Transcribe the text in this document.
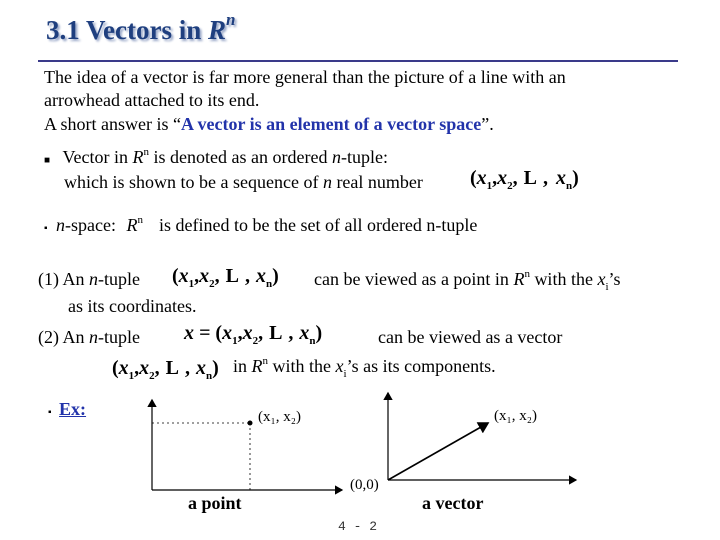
3.1 Vectors in $R^n$
The idea of a vector is far more general than the picture of a line with an
arrowhead attached to its end.
A short answer is “A vector is an element of a vector space”.
■ Vector in $R^n$ is denoted as an ordered n-tuple:
which is shown to be a sequence of n real number ($x_1,x_2$, L , $x_n$)
▪ n-space: $R^n$ is defined to be the set of all ordered n-tuple
(1) An n-tuple ($x_1,x_2$, L , $x_n$) can be viewed as a point in $R^n$ with the $x_i’s$
as its coordinates.
(2) An n-tuple $x = (x_1,x_2$, L , $x_n$)	can be viewed as a vector
($x_1,x_2$, L , $x_n$) in $R^n$ with the $x_i’s$ as its components.
▪ Ex:	(x₁, x₂)	(x₁, x₂)
(0,0)
a point	a vector
4 - 2
